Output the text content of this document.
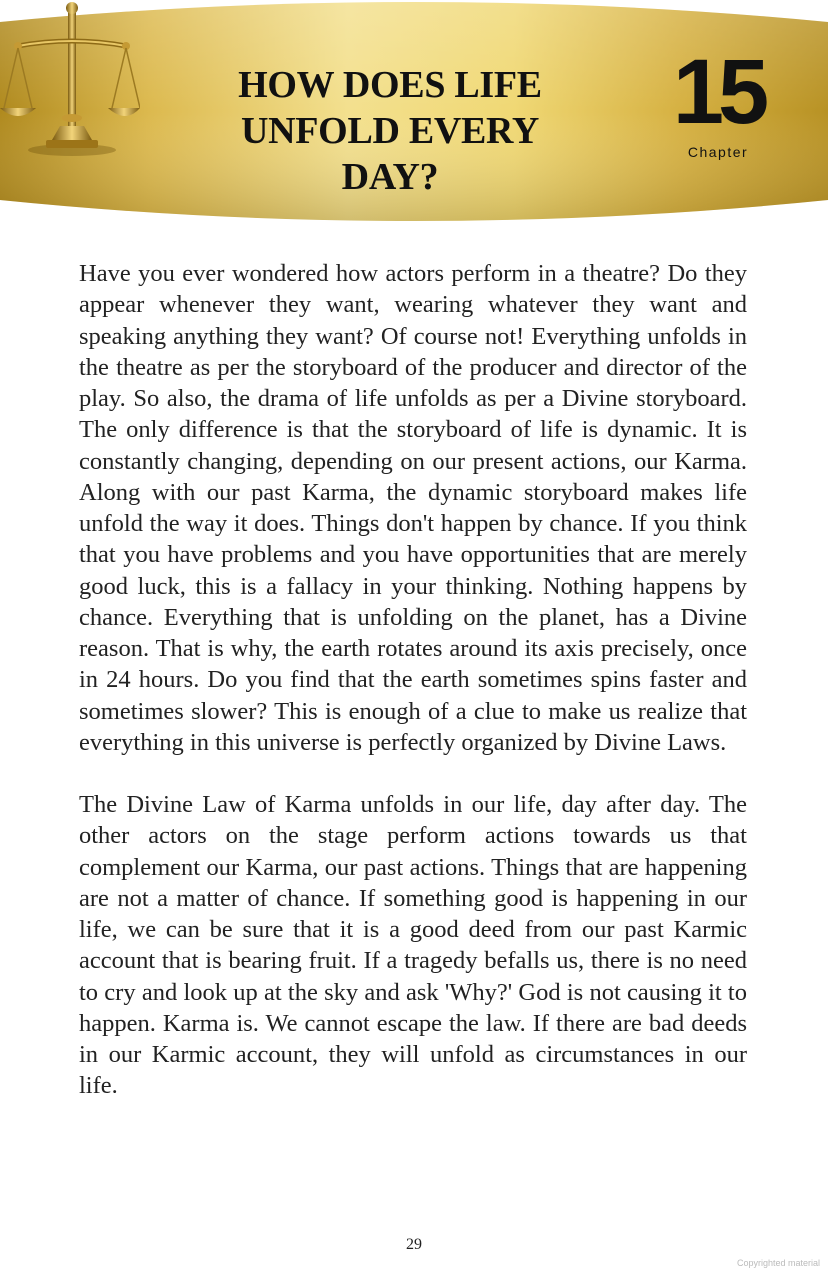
HOW DOES LIFE
UNFOLD EVERY DAY?
15
Chapter

Have you ever wondered how actors perform in a theatre? Do they appear whenever they want, wearing whatever they want and speaking anything they want? Of course not! Everything unfolds in the theatre as per the storyboard of the producer and director of the play. So also, the drama of life unfolds as per a Divine storyboard. The only difference is that the storyboard of life is dynamic. It is constantly changing, depending on our present actions, our Karma. Along with our past Karma, the dynamic storyboard makes life unfold the way it does. Things don't happen by chance. If you think that you have problems and you have opportunities that are merely good luck, this is a fallacy in your thinking. Nothing happens by chance. Everything that is unfolding on the planet, has a Divine reason. That is why, the earth rotates around its axis precisely, once in 24 hours. Do you find that the earth sometimes spins faster and sometimes slower? This is enough of a clue to make us realize that everything in this universe is perfectly organized by Divine Laws.

The Divine Law of Karma unfolds in our life, day after day. The other actors on the stage perform actions towards us that complement our Karma, our past actions. Things that are happening are not a matter of chance. If something good is happening in our life, we can be sure that it is a good deed from our past Karmic account that is bearing fruit. If a tragedy befalls us, there is no need to cry and look up at the sky and ask 'Why?' God is not causing it to happen. Karma is. We cannot escape the law. If there are bad deeds in our Karmic account, they will unfold as circumstances in our life.

29
Copyrighted material
